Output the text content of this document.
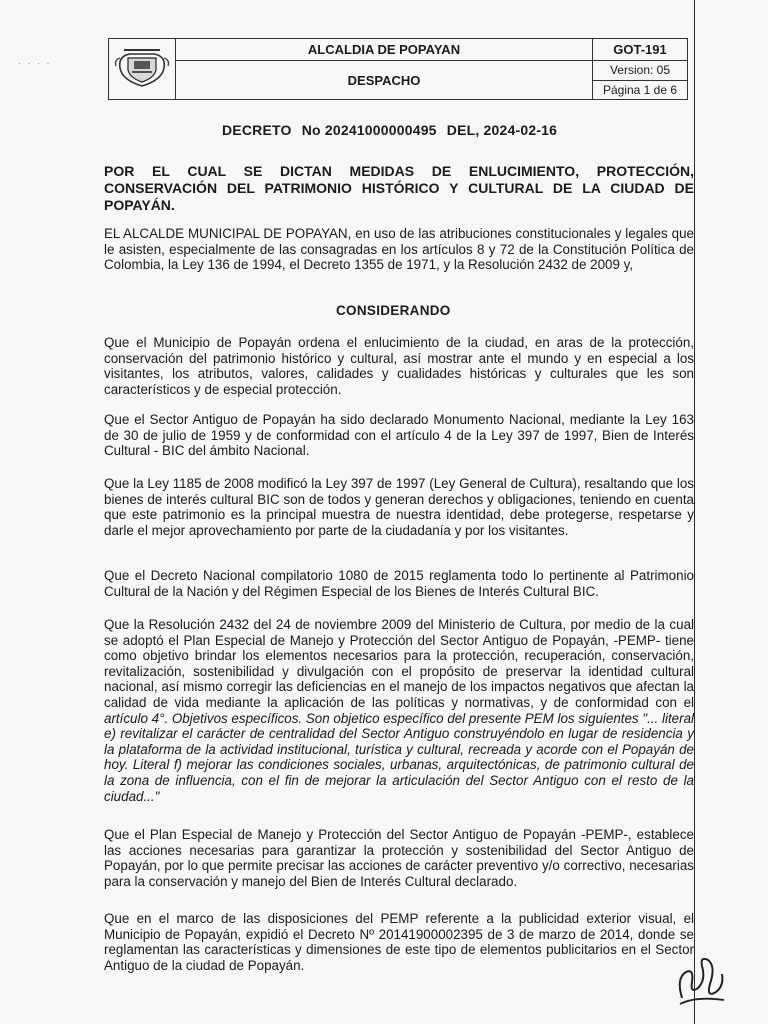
· · · ·
	ALCALDIA DE POPAYAN	GOT-191
	DESPACHO	Version: 05
		Página 1 de 6
DECRETO No 20241000000495 DEL, 2024-02-16
POR EL CUAL SE DICTAN MEDIDAS DE ENLUCIMIENTO, PROTECCIÓN, CONSERVACIÓN DEL PATRIMONIO HISTÓRICO Y CULTURAL DE LA CIUDAD DE POPAYÁN.
EL ALCALDE MUNICIPAL DE POPAYAN, en uso de las atribuciones constitucionales y legales que le asisten, especialmente de las consagradas en los artículos 8 y 72 de la Constitución Política de Colombia, la Ley 136 de 1994, el Decreto 1355 de 1971, y la Resolución 2432 de 2009 y,
CONSIDERANDO
Que el Municipio de Popayán ordena el enlucimiento de la ciudad, en aras de la protección, conservación del patrimonio histórico y cultural, así mostrar ante el mundo y en especial a los visitantes, los atributos, valores, calidades y cualidades históricas y culturales que les son característicos y de especial protección.
Que el Sector Antiguo de Popayán ha sido declarado Monumento Nacional, mediante la Ley 163 de 30 de julio de 1959 y de conformidad con el artículo 4 de la Ley 397 de 1997, Bien de Interés Cultural - BIC del ámbito Nacional.
Que la Ley 1185 de 2008 modificó la Ley 397 de 1997 (Ley General de Cultura), resaltando que los bienes de interés cultural BIC son de todos y generan derechos y obligaciones, teniendo en cuenta que este patrimonio es la principal muestra de nuestra identidad, debe protegerse, respetarse y darle el mejor aprovechamiento por parte de la ciudadanía y por los visitantes.
Que el Decreto Nacional compilatorio 1080 de 2015 reglamenta todo lo pertinente al Patrimonio Cultural de la Nación y del Régimen Especial de los Bienes de Interés Cultural BIC.
Que la Resolución 2432 del 24 de noviembre 2009 del Ministerio de Cultura, por medio de la cual se adoptó el Plan Especial de Manejo y Protección del Sector Antiguo de Popayán, -PEMP- tiene como objetivo brindar los elementos necesarios para la protección, recuperación, conservación, revitalización, sostenibilidad y divulgación con el propósito de preservar la identidad cultural nacional, así mismo corregir las deficiencias en el manejo de los impactos negativos que afectan la calidad de vida mediante la aplicación de las políticas y normativas, y de conformidad con el artículo 4°. Objetivos específicos. Son objetico específico del presente PEM los siguientes "... literal e) revitalizar el carácter de centralidad del Sector Antiguo construyéndolo en lugar de residencia y la plataforma de la actividad institucional, turística y cultural, recreada y acorde con el Popayán de hoy. Literal f) mejorar las condiciones sociales, urbanas, arquitectónicas, de patrimonio cultural de la zona de influencia, con el fin de mejorar la articulación del Sector Antiguo con el resto de la ciudad..."
Que el Plan Especial de Manejo y Protección del Sector Antiguo de Popayán -PEMP-, establece las acciones necesarias para garantizar la protección y sostenibilidad del Sector Antiguo de Popayán, por lo que permite precisar las acciones de carácter preventivo y/o correctivo, necesarias para la conservación y manejo del Bien de Interés Cultural declarado.
Que en el marco de las disposiciones del PEMP referente a la publicidad exterior visual, el Municipio de Popayán, expidió el Decreto Nº 20141900002395 de 3 de marzo de 2014, donde se reglamentan las características y dimensiones de este tipo de elementos publicitarios en el Sector Antiguo de la ciudad de Popayán.
